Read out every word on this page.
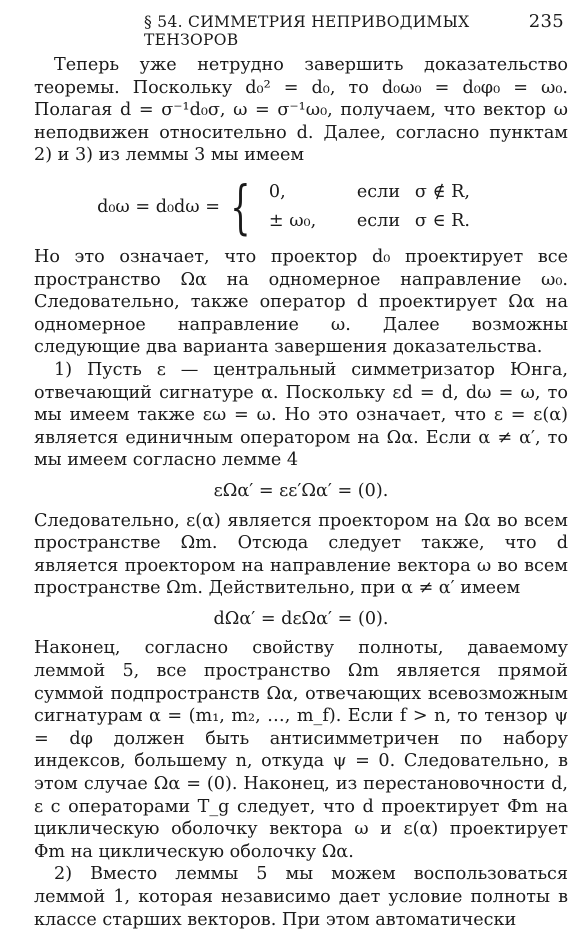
§ 54. СИММЕТРИЯ НЕПРИВОДИМЫХ ТЕНЗОРОВ
235

Теперь уже нетрудно завершить доказательство теоремы. Поскольку d₀² = d₀, то d₀ω₀ = d₀φ₀ = ω₀. Полагая d = σ⁻¹d₀σ, ω = σ⁻¹ω₀, получаем, что вектор ω неподвижен относительно d. Далее, согласно пунктам 2) и 3) из леммы 3 мы имеем

d₀ω = d₀dω = {	0,	если σ ∉ R,
± ω₀,	если σ ∈ R.

Но это означает, что проектор d₀ проектирует все пространство Ωα на одномерное направление ω₀. Следовательно, также оператор d проектирует Ωα на одномерное направление ω. Далее возможны следующие два варианта завершения доказательства.

1) Пусть ε — центральный симметризатор Юнга, отвечающий сигнатуре α. Поскольку εd = d, dω = ω, то мы имеем также εω = ω. Но это означает, что ε = ε(α) является единичным оператором на Ωα. Если α ≠ α′, то мы имеем согласно лемме 4

εΩα′ = εε′Ωα′ = (0).

Следовательно, ε(α) является проектором на Ωα во всем пространстве Ωm. Отсюда следует также, что d является проектором на направление вектора ω во всем пространстве Ωm. Действительно, при α ≠ α′ имеем

dΩα′ = dεΩα′ = (0).

Наконец, согласно свойству полноты, даваемому леммой 5, все пространство Ωm является прямой суммой подпространств Ωα, отвечающих всевозможным сигнатурам α = (m₁, m₂, …, m_f). Если f > n, то тензор ψ = dφ должен быть антисимметричен по набору индексов, большему n, откуда ψ = 0. Следовательно, в этом случае Ωα = (0). Наконец, из перестановочности d, ε с операторами T_g следует, что d проектирует Φm на циклическую оболочку вектора ω и ε(α) проектирует Φm на циклическую оболочку Ωα.

2) Вместо леммы 5 мы можем воспользоваться леммой 1, которая независимо дает условие полноты в классе старших векторов. При этом автоматически
